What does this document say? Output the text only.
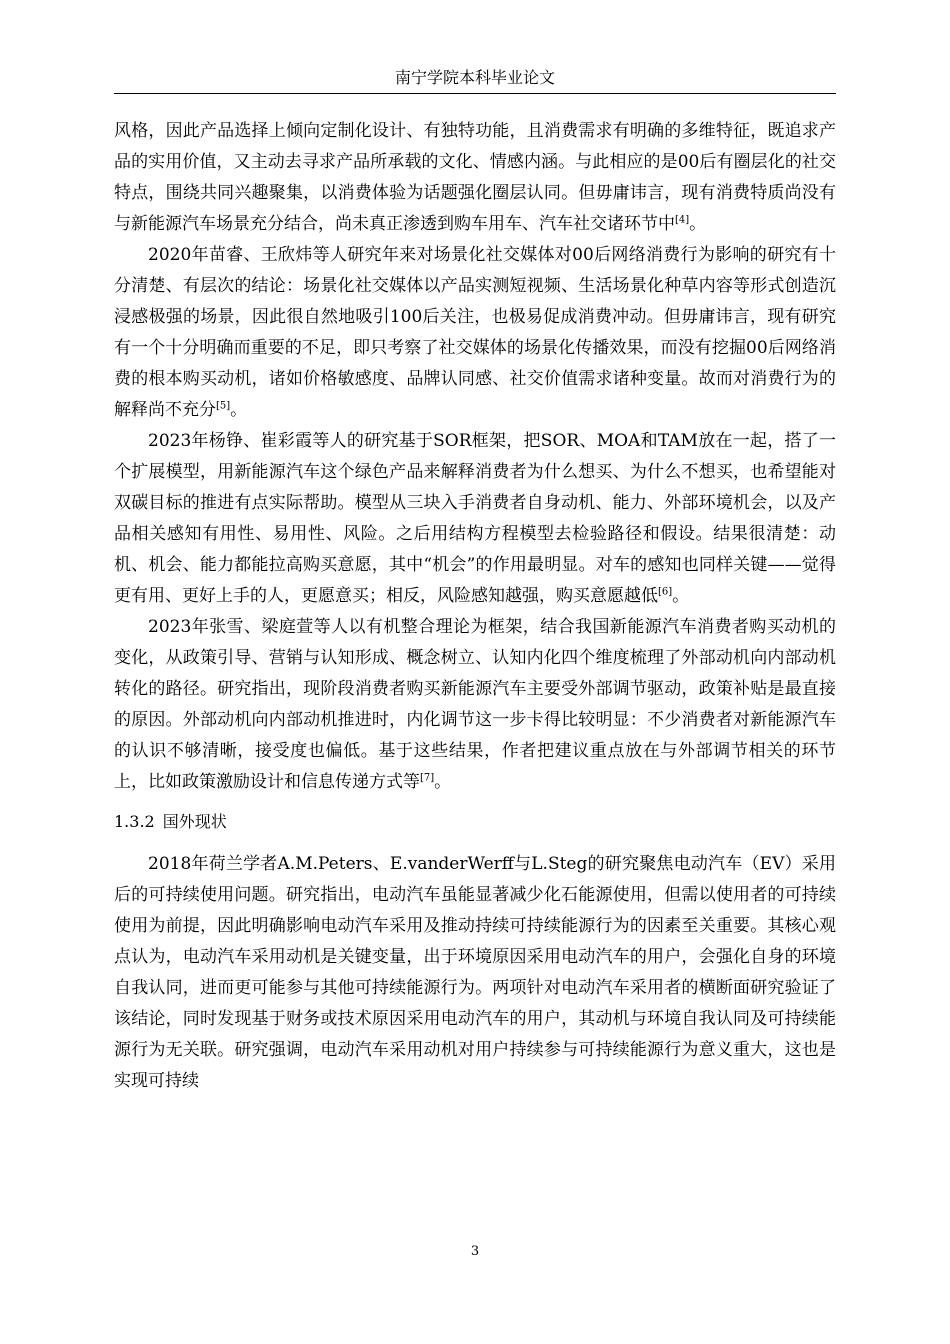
南宁学院本科毕业论文

风格，因此产品选择上倾向定制化设计、有独特功能，且消费需求有明确的多维特征，既追求产品的实用价值，又主动去寻求产品所承载的文化、情感内涵。与此相应的是00后有圈层化的社交特点，围绕共同兴趣聚集，以消费体验为话题强化圈层认同。但毋庸讳言，现有消费特质尚没有与新能源汽车场景充分结合，尚未真正渗透到购车用车、汽车社交诸环节中[4]。

2020年苗睿、王欣炜等人研究年来对场景化社交媒体对00后网络消费行为影响的研究有十分清楚、有层次的结论：场景化社交媒体以产品实测短视频、生活场景化种草内容等形式创造沉浸感极强的场景，因此很自然地吸引100后关注，也极易促成消费冲动。但毋庸讳言，现有研究有一个十分明确而重要的不足，即只考察了社交媒体的场景化传播效果，而没有挖掘00后网络消费的根本购买动机，诸如价格敏感度、品牌认同感、社交价值需求诸种变量。故而对消费行为的解释尚不充分[5]。

2023年杨铮、崔彩霞等人的研究基于SOR框架，把SOR、MOA和TAM放在一起，搭了一个扩展模型，用新能源汽车这个绿色产品来解释消费者为什么想买、为什么不想买，也希望能对双碳目标的推进有点实际帮助。模型从三块入手消费者自身动机、能力、外部环境机会，以及产品相关感知有用性、易用性、风险。之后用结构方程模型去检验路径和假设。结果很清楚：动机、机会、能力都能拉高购买意愿，其中“机会”的作用最明显。对车的感知也同样关键——觉得更有用、更好上手的人，更愿意买；相反，风险感知越强，购买意愿越低[6]。

2023年张雪、梁庭萱等人以有机整合理论为框架，结合我国新能源汽车消费者购买动机的变化，从政策引导、营销与认知形成、概念树立、认知内化四个维度梳理了外部动机向内部动机转化的路径。研究指出，现阶段消费者购买新能源汽车主要受外部调节驱动，政策补贴是最直接的原因。外部动机向内部动机推进时，内化调节这一步卡得比较明显：不少消费者对新能源汽车的认识不够清晰，接受度也偏低。基于这些结果，作者把建议重点放在与外部调节相关的环节上，比如政策激励设计和信息传递方式等[7]。

1.3.2 国外现状

2018年荷兰学者A.M.Peters、E.vanderWerff与L.Steg的研究聚焦电动汽车（EV）采用后的可持续使用问题。研究指出，电动汽车虽能显著减少化石能源使用，但需以使用者的可持续使用为前提，因此明确影响电动汽车采用及推动持续可持续能源行为的因素至关重要。其核心观点认为，电动汽车采用动机是关键变量，出于环境原因采用电动汽车的用户，会强化自身的环境自我认同，进而更可能参与其他可持续能源行为。两项针对电动汽车采用者的横断面研究验证了该结论，同时发现基于财务或技术原因采用电动汽车的用户，其动机与环境自我认同及可持续能源行为无关联。研究强调，电动汽车采用动机对用户持续参与可持续能源行为意义重大，这也是实现可持续

3
